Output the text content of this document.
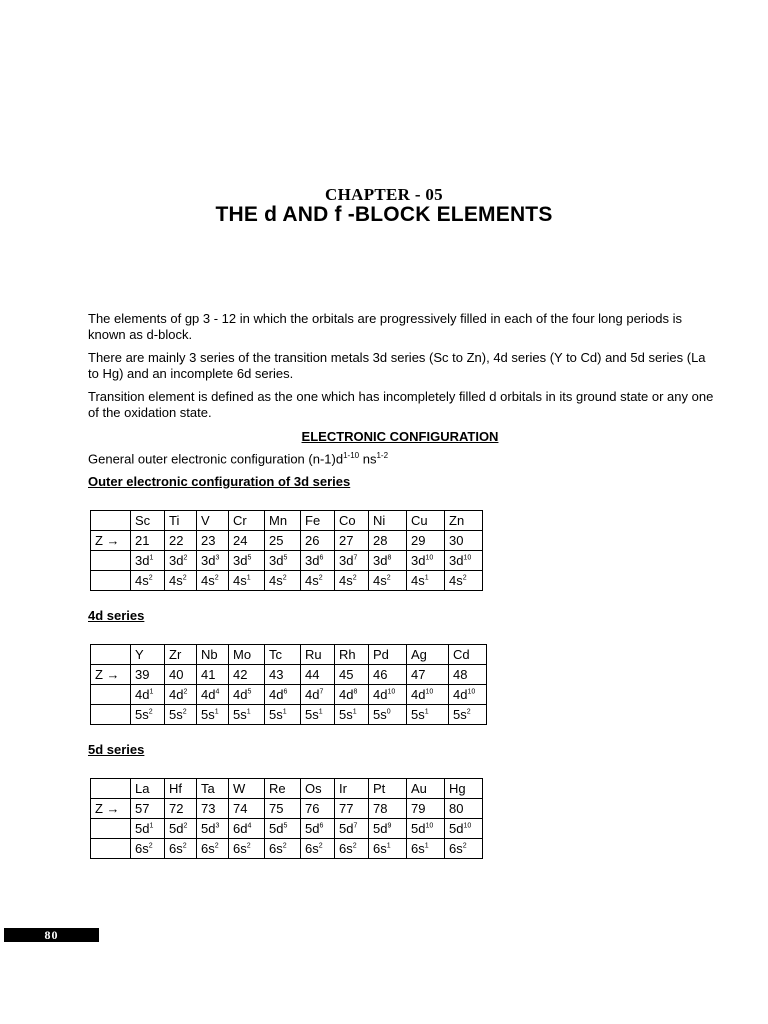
CHAPTER - 05
THE d AND f -BLOCK ELEMENTS

The elements of gp 3 - 12 in which the orbitals are progressively filled in each of the four long periods is known as d-block.

There are mainly 3 series of the transition metals 3d series (Sc to Zn), 4d series (Y to Cd) and 5d series (La to Hg) and an incomplete 6d series.

Transition element is defined as the one which has incompletely filled d orbitals in its ground state or any one of the oxidation state.

ELECTRONIC CONFIGURATION
General outer electronic configuration $(n-1)d^{1-10}$ $ns^{1-2}$
Outer electronic configuration of 3d series
	Sc	Ti	V	Cr	Mn	Fe	Co	Ni	Cu	Zn
Z →	21	22	23	24	25	26	27	28	29	30
	$3d^1$	$3d^2$	$3d^3$	$3d^5$	$3d^5$	$3d^6$	$3d^7$	$3d^8$	$3d^{10}$	$3d^{10}$
	$4s^2$	$4s^2$	$4s^2$	$4s^1$	$4s^2$	$4s^2$	$4s^2$	$4s^2$	$4s^1$	$4s^2$
4d series
	Y	Zr	Nb	Mo	Tc	Ru	Rh	Pd	Ag	Cd
Z →	39	40	41	42	43	44	45	46	47	48
	$4d^1$	$4d^2$	$4d^4$	$4d^5$	$4d^6$	$4d^7$	$4d^8$	$4d^{10}$	$4d^{10}$	$4d^{10}$
	$5s^2$	$5s^2$	$5s^1$	$5s^1$	$5s^1$	$5s^1$	$5s^1$	$5s^0$	$5s^1$	$5s^2$
5d series
	La	Hf	Ta	W	Re	Os	Ir	Pt	Au	Hg
Z →	57	72	73	74	75	76	77	78	79	80
	$5d^1$	$5d^2$	$5d^3$	$6d^4$	$5d^5$	$5d^6$	$5d^7$	$5d^9$	$5d^{10}$	$5d^{10}$
	$6s^2$	$6s^2$	$6s^2$	$6s^2$	$6s^2$	$6s^2$	$6s^2$	$6s^1$	$6s^1$	$6s^2$
80
